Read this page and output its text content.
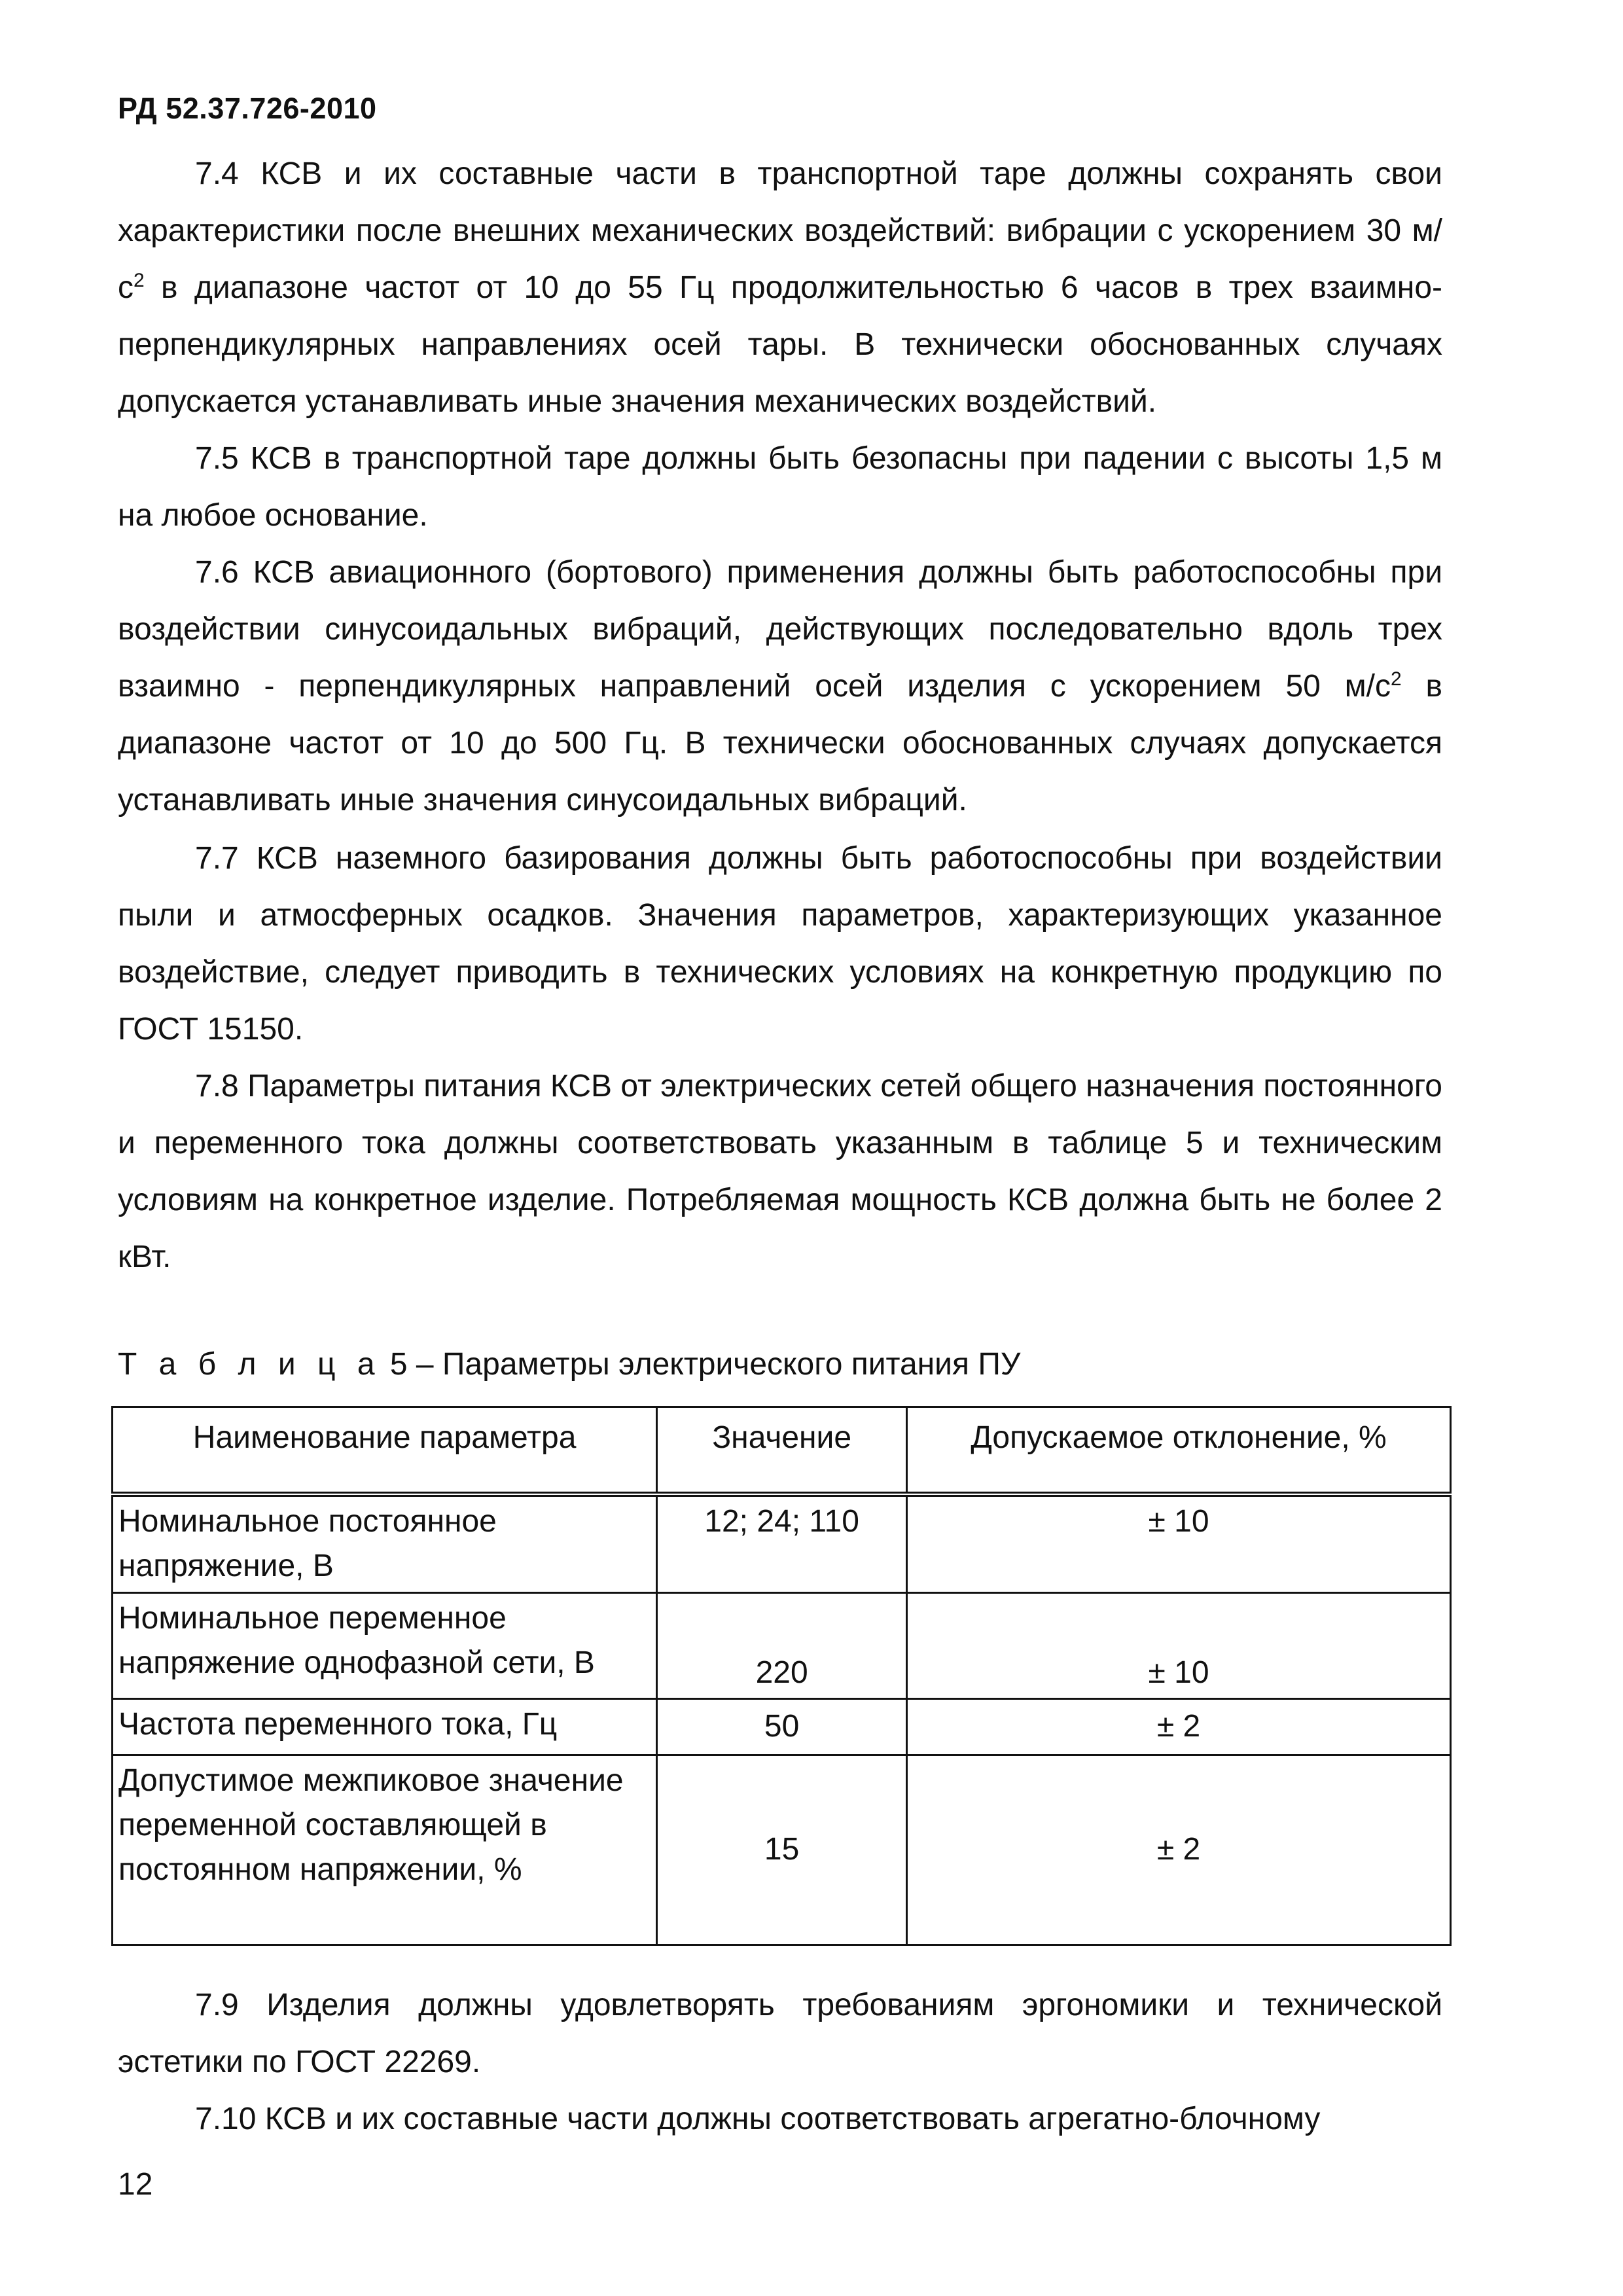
РД 52.37.726-2010

7.4 КСВ и их составные части в транспортной таре должны сохранять свои характеристики после внешних механических воздействий: вибрации с ускорением 30 $м/с^2$ в диапазоне частот от 10 до 55 Гц продолжительностью 6 часов в трех взаимно-перпендикулярных направлениях осей тары. В технически обоснованных случаях допускается устанавливать иные значения механических воздействий.

7.5 КСВ в транспортной таре должны быть безопасны при падении с высоты 1,5 м на любое основание.

7.6 КСВ авиационного (бортового) применения должны быть работоспособны при воздействии синусоидальных вибраций, действующих последовательно вдоль трех взаимно - перпендикулярных направлений осей изделия с ускорением 50 $м/с^2$ в диапазоне частот от 10 до 500 Гц. В технически обоснованных случаях допускается устанавливать иные значения синусоидальных вибраций.

7.7 КСВ наземного базирования должны быть работоспособны при воздействии пыли и атмосферных осадков. Значения параметров, характеризующих указанное воздействие, следует приводить в технических условиях на конкретную продукцию по ГОСТ 15150.

7.8 Параметры питания КСВ от электрических сетей общего назначения постоянного и переменного тока должны соответствовать указанным в таблице 5 и техническим условиям на конкретное изделие. Потребляемая мощность КСВ должна быть не более 2 кВт.

Т а б л и ц а 5 – Параметры электрического питания ПУ
Наименование параметра	Значение	Допускаемое отклонение, %
Номинальное постоянное напряжение, В	12; 24; 110	± 10
Номинальное переменное напряжение однофазной сети, В	220	± 10
Частота переменного тока, Гц	50	± 2
Допустимое межпиковое значение переменной составляющей в постоянном напряжении, %	15	± 2

7.9 Изделия должны удовлетворять требованиям эргономики и технической эстетики по ГОСТ 22269.

7.10 КСВ и их составные части должны соответствовать агрегатно-блочному

12
